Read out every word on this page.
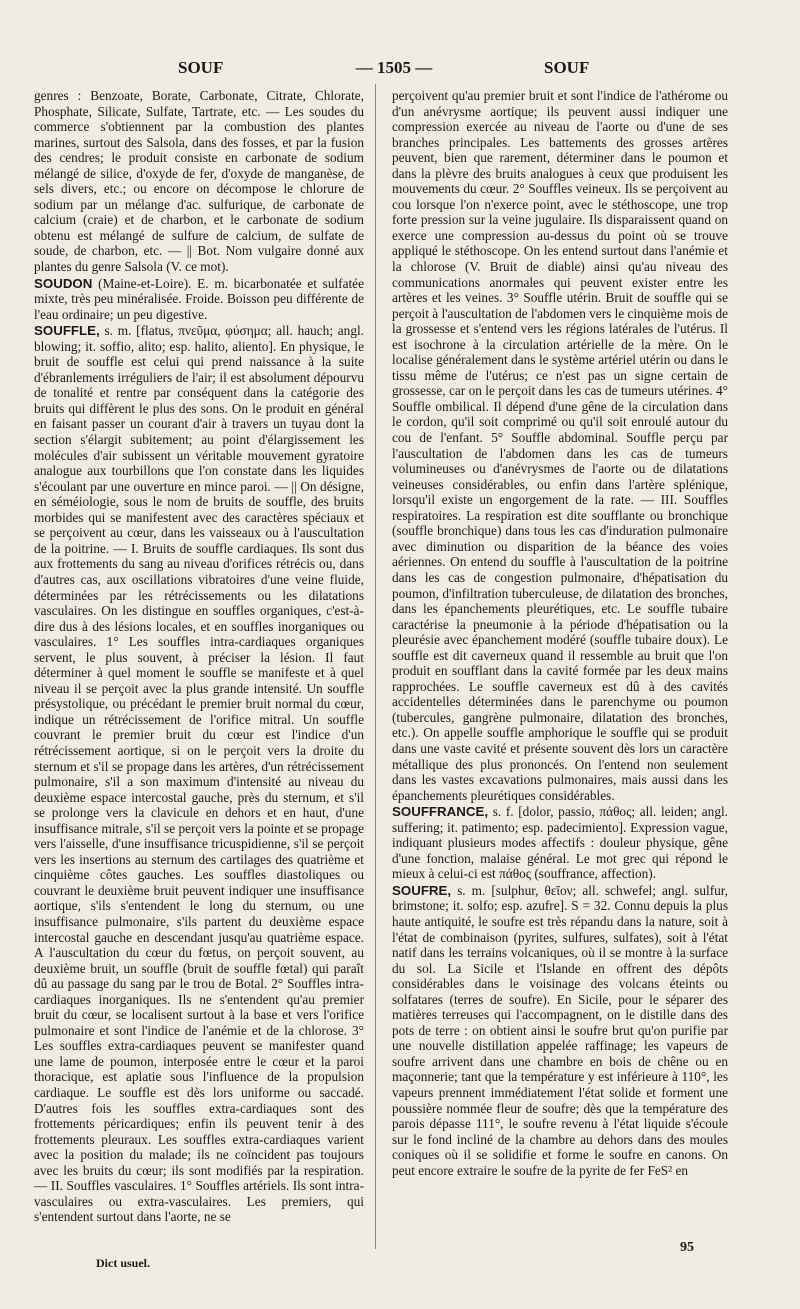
SOUF	— 1505 —	SOUF

genres : Benzoate, Borate, Carbonate, Citrate, Chlorate, Phosphate, Silicate, Sulfate, Tartrate, etc. — Les soudes du commerce s'obtiennent par la combustion des plantes marines, surtout des Salsola, dans des fosses, et par la fusion des cendres; le produit consiste en carbonate de sodium mélangé de silice, d'oxyde de fer, d'oxyde de manganèse, de sels divers, etc.; ou encore on décompose le chlorure de sodium par un mélange d'ac. sulfurique, de carbonate de calcium (craie) et de charbon, et le carbonate de sodium obtenu est mélangé de sulfure de calcium, de sulfate de soude, de charbon, etc. — || Bot. Nom vulgaire donné aux plantes du genre Salsola (V. ce mot).

SOUDON (Maine-et-Loire). E. m. bicarbonatée et sulfatée mixte, très peu minéralisée. Froide. Boisson peu différente de l'eau ordinaire; un peu digestive.

SOUFFLE, s. m. [flatus, πνεῦμα, φύσημα; all. hauch; angl. blowing; it. soffio, alito; esp. halito, aliento]. En physique, le bruit de souffle est celui qui prend naissance à la suite d'ébranlements irréguliers de l'air; il est absolument dépourvu de tonalité et rentre par conséquent dans la catégorie des bruits qui diffèrent le plus des sons. On le produit en général en faisant passer un courant d'air à travers un tuyau dont la section s'élargit subitement; au point d'élargissement les molécules d'air subissent un véritable mouvement gyratoire analogue aux tourbillons que l'on constate dans les liquides s'écoulant par une ouverture en mince paroi. — || On désigne, en séméiologie, sous le nom de bruits de souffle, des bruits morbides qui se manifestent avec des caractères spéciaux et se perçoivent au cœur, dans les vaisseaux ou à l'auscultation de la poitrine. — I. Bruits de souffle cardiaques. Ils sont dus aux frottements du sang au niveau d'orifices rétrécis ou, dans d'autres cas, aux oscillations vibratoires d'une veine fluide, déterminées par les rétrécissements ou les dilatations vasculaires. On les distingue en souffles organiques, c'est-à-dire dus à des lésions locales, et en souffles inorganiques ou vasculaires. 1° Les souffles intra-cardiaques organiques servent, le plus souvent, à préciser la lésion. Il faut déterminer à quel moment le souffle se manifeste et à quel niveau il se perçoit avec la plus grande intensité. Un souffle présystolique, ou précédant le premier bruit normal du cœur, indique un rétrécissement de l'orifice mitral. Un souffle couvrant le premier bruit du cœur est l'indice d'un rétrécissement aortique, si on le perçoit vers la droite du sternum et s'il se propage dans les artères, d'un rétrécissement pulmonaire, s'il a son maximum d'intensité au niveau du deuxième espace intercostal gauche, près du sternum, et s'il se prolonge vers la clavicule en dehors et en haut, d'une insuffisance mitrale, s'il se perçoit vers la pointe et se propage vers l'aisselle, d'une insuffisance tricuspidienne, s'il se perçoit vers les insertions au sternum des cartilages des quatrième et cinquième côtes gauches. Les souffles diastoliques ou couvrant le deuxième bruit peuvent indiquer une insuffisance aortique, s'ils s'entendent le long du sternum, ou une insuffisance pulmonaire, s'ils partent du deuxième espace intercostal gauche en descendant jusqu'au quatrième espace. A l'auscultation du cœur du fœtus, on perçoit souvent, au deuxième bruit, un souffle (bruit de souffle fœtal) qui paraît dû au passage du sang par le trou de Botal. 2° Souffles intra-cardiaques inorganiques. Ils ne s'entendent qu'au premier bruit du cœur, se localisent surtout à la base et vers l'orifice pulmonaire et sont l'indice de l'anémie et de la chlorose. 3° Les souffles extra-cardiaques peuvent se manifester quand une lame de poumon, interposée entre le cœur et la paroi thoracique, est aplatie sous l'influence de la propulsion cardiaque. Le souffle est dès lors uniforme ou saccadé. D'autres fois les souffles extra-cardiaques sont des frottements péricardiques; enfin ils peuvent tenir à des frottements pleuraux. Les souffles extra-cardiaques varient avec la position du malade; ils ne coïncident pas toujours avec les bruits du cœur; ils sont modifiés par la respiration. — II. Souffles vasculaires. 1° Souffles artériels. Ils sont intra-vasculaires ou extra-vasculaires. Les premiers, qui s'entendent surtout dans l'aorte, ne se

perçoivent qu'au premier bruit et sont l'indice de l'athérome ou d'un anévrysme aortique; ils peuvent aussi indiquer une compression exercée au niveau de l'aorte ou d'une de ses branches principales. Les battements des grosses artères peuvent, bien que rarement, déterminer dans le poumon et dans la plèvre des bruits analogues à ceux que produisent les mouvements du cœur. 2° Souffles veineux. Ils se perçoivent au cou lorsque l'on n'exerce point, avec le stéthoscope, une trop forte pression sur la veine jugulaire. Ils disparaissent quand on exerce une compression au-dessus du point où se trouve appliqué le stéthoscope. On les entend surtout dans l'anémie et la chlorose (V. Bruit de diable) ainsi qu'au niveau des communications anormales qui peuvent exister entre les artères et les veines. 3° Souffle utérin. Bruit de souffle qui se perçoit à l'auscultation de l'abdomen vers le cinquième mois de la grossesse et s'entend vers les régions latérales de l'utérus. Il est isochrone à la circulation artérielle de la mère. On le localise généralement dans le système artériel utérin ou dans le tissu même de l'utérus; ce n'est pas un signe certain de grossesse, car on le perçoit dans les cas de tumeurs utérines. 4° Souffle ombilical. Il dépend d'une gêne de la circulation dans le cordon, qu'il soit comprimé ou qu'il soit enroulé autour du cou de l'enfant. 5° Souffle abdominal. Souffle perçu par l'auscultation de l'abdomen dans les cas de tumeurs volumineuses ou d'anévrysmes de l'aorte ou de dilatations veineuses considérables, ou enfin dans l'artère splénique, lorsqu'il existe un engorgement de la rate. — III. Souffles respiratoires. La respiration est dite soufflante ou bronchique (souffle bronchique) dans tous les cas d'induration pulmonaire avec diminution ou disparition de la béance des voies aériennes. On entend du souffle à l'auscultation de la poitrine dans les cas de congestion pulmonaire, d'hépatisation du poumon, d'infiltration tuberculeuse, de dilatation des bronches, dans les épanchements pleurétiques, etc. Le souffle tubaire caractérise la pneumonie à la période d'hépatisation ou la pleurésie avec épanchement modéré (souffle tubaire doux). Le souffle est dit caverneux quand il ressemble au bruit que l'on produit en soufflant dans la cavité formée par les deux mains rapprochées. Le souffle caverneux est dû à des cavités accidentelles déterminées dans le parenchyme ou poumon (tubercules, gangrène pulmonaire, dilatation des bronches, etc.). On appelle souffle amphorique le souffle qui se produit dans une vaste cavité et présente souvent dès lors un caractère métallique des plus prononcés. On l'entend non seulement dans les vastes excavations pulmonaires, mais aussi dans les épanchements pleurétiques considérables.

SOUFFRANCE, s. f. [dolor, passio, πάθος; all. leiden; angl. suffering; it. patimento; esp. padecimiento]. Expression vague, indiquant plusieurs modes affectifs : douleur physique, gêne d'une fonction, malaise général. Le mot grec qui répond le mieux à celui-ci est πάθος (souffrance, affection).

SOUFRE, s. m. [sulphur, θεῖον; all. schwefel; angl. sulfur, brimstone; it. solfo; esp. azufre]. S = 32. Connu depuis la plus haute antiquité, le soufre est très répandu dans la nature, soit à l'état de combinaison (pyrites, sulfures, sulfates), soit à l'état natif dans les terrains volcaniques, où il se montre à la surface du sol. La Sicile et l'Islande en offrent des dépôts considérables dans le voisinage des volcans éteints ou solfatares (terres de soufre). En Sicile, pour le séparer des matières terreuses qui l'accompagnent, on le distille dans des pots de terre : on obtient ainsi le soufre brut qu'on purifie par une nouvelle distillation appelée raffinage; les vapeurs de soufre arrivent dans une chambre en bois de chêne ou en maçonnerie; tant que la température y est inférieure à 110°, les vapeurs prennent immédiatement l'état solide et forment une poussière nommée fleur de soufre; dès que la température des parois dépasse 111°, le soufre revenu à l'état liquide s'écoule sur le fond incliné de la chambre au dehors dans des moules coniques où il se solidifie et forme le soufre en canons. On peut encore extraire le soufre de la pyrite de fer FeS² en

Dict usuel.
95
